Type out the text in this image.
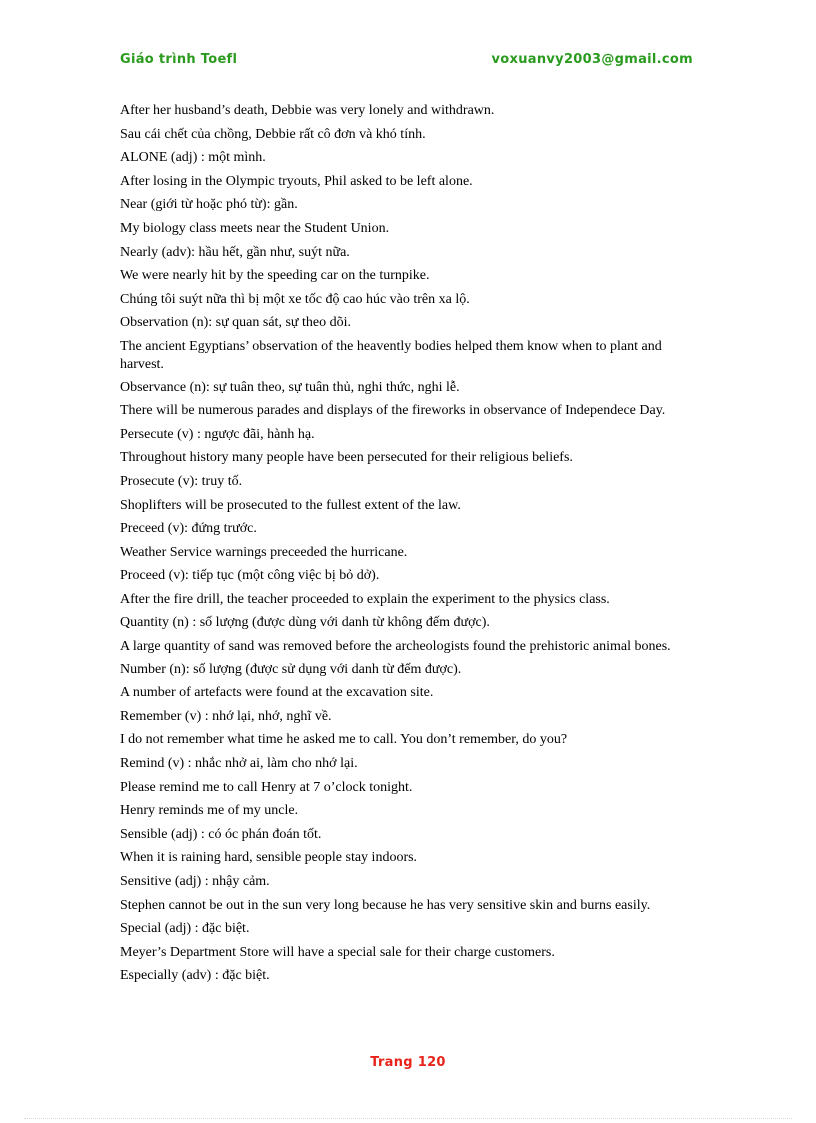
Giáo trình Toefl	voxuanvy2003@gmail.com
After her husband’s death, Debbie was very lonely and withdrawn.
Sau cái chết của chồng, Debbie rất cô đơn và khó tính.
ALONE (adj) : một mình.
After losing in the Olympic tryouts, Phil asked to be left alone.
Near (giới từ hoặc phó từ): gần.
My biology class meets near the Student Union.
Nearly (adv): hầu hết, gần như, suýt nữa.
We were nearly hit by the speeding car on the turnpike.
Chúng tôi suýt nữa thì bị một xe tốc độ cao húc vào trên xa lộ.
Observation (n): sự quan sát, sự theo dõi.
The ancient Egyptians’ observation of the heavently bodies helped them know when to plant and harvest.
Observance (n): sự tuân theo, sự tuân thủ, nghi thức, nghi lễ.
There will be numerous parades and displays of the fireworks in observance of Independece Day.
Persecute (v) : ngược đãi, hành hạ.
Throughout history many people have been persecuted for their religious beliefs.
Prosecute (v): truy tố.
Shoplifters will be prosecuted to the fullest extent of the law.
Preceed (v): đứng trước.
Weather Service warnings preceeded the hurricane.
Proceed (v): tiếp tục (một công việc bị bỏ dở).
After the fire drill, the teacher proceeded to explain the experiment to the physics class.
Quantity (n) : số lượng (được dùng với danh từ không đếm được).
A large quantity of sand was removed before the archeologists found the prehistoric animal bones.
Number (n): số lượng (được sử dụng với danh từ đếm được).
A number of artefacts were found at the excavation site.
Remember (v) : nhớ lại, nhớ, nghĩ về.
I do not remember what time he asked me to call. You don’t remember, do you?
Remind (v) : nhắc nhở ai, làm cho nhớ lại.
Please remind me to call Henry at 7 o’clock tonight.
Henry reminds me of my uncle.
Sensible (adj) : có óc phán đoán tốt.
When it is raining hard, sensible people stay indoors.
Sensitive (adj) : nhậy cảm.
Stephen cannot be out in the sun very long because he has very sensitive skin and burns easily.
Special (adj) : đặc biệt.
Meyer’s Department Store will have a special sale for their charge customers.
Especially (adv) : đặc biệt.
Trang 120
